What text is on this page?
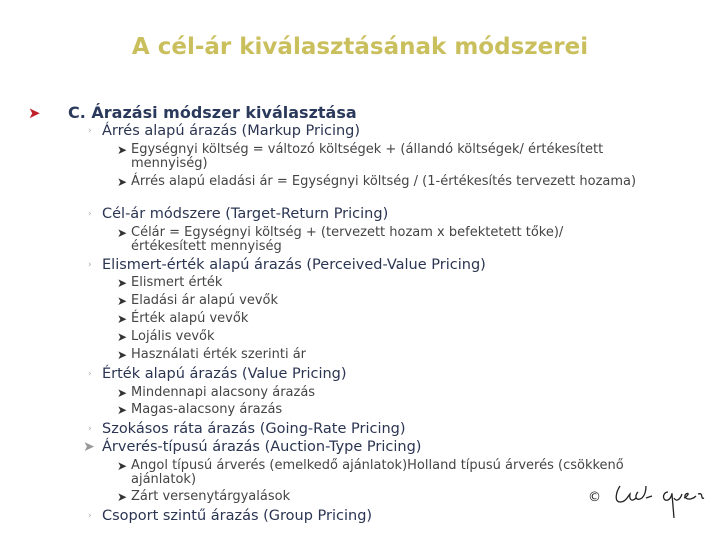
A cél-ár kiválasztásának módszerei
➤ C. Árazási módszer kiválasztása
› Árrés alapú árazás (Markup Pricing)
➤ Egységnyi költség = változó költségek + (állandó költségek/ értékesített mennyiség)
➤ Árrés alapú eladási ár = Egységnyi költség / (1-értékesítés tervezett hozama)
› Cél-ár módszere (Target-Return Pricing)
➤ Célár = Egységnyi költség + (tervezett hozam x befektetett tőke)/értékesített mennyiség
› Elismert-érték alapú árazás (Perceived-Value Pricing)
➤ Elismert érték
➤ Eladási ár alapú vevők
➤ Érték alapú vevők
➤ Lojális vevők
➤ Használati érték szerinti ár
› Érték alapú árazás (Value Pricing)
➤ Mindennapi alacsony árazás
➤ Magas-alacsony árazás
› Szokásos ráta árazás (Going-Rate Pricing)
➤ Árverés-típusú árazás (Auction-Type Pricing)
➤ Angol típusú árverés (emelkedő ajánlatok)Holland típusú árverés (csökkenő ajánlatok)
➤ Zárt versenytárgyalások
› Csoport szintű árazás (Group Pricing)
©
